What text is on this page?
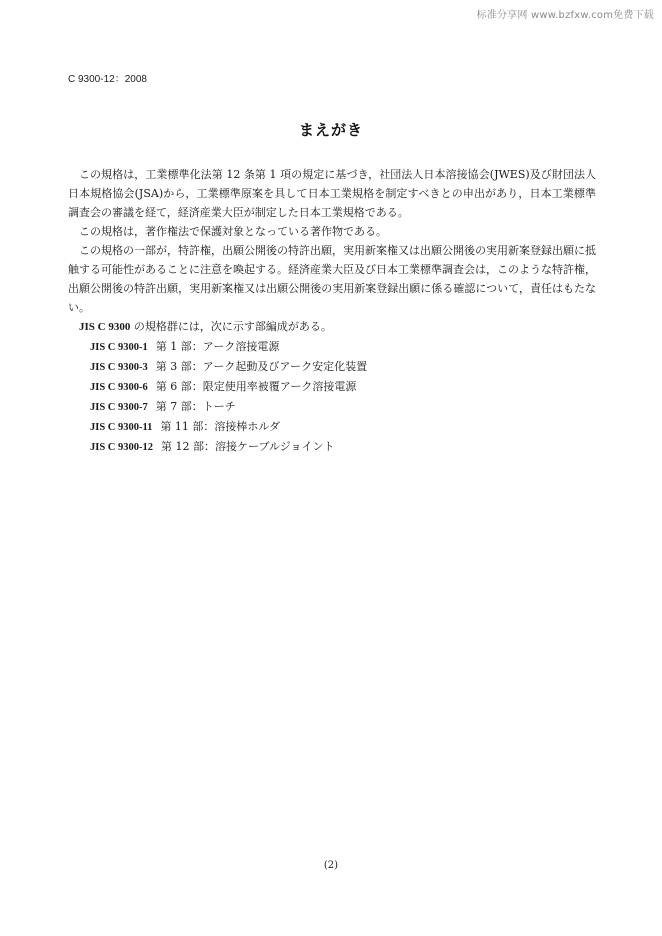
标准分享网 www.bzfxw.com免费下载
C 9300-12：2008
まえがき

この規格は，工業標準化法第 12 条第 1 項の規定に基づき，社団法人日本溶接協会(JWES)及び財団法人日本規格協会(JSA)から，工業標準原案を具して日本工業規格を制定すべきとの申出があり，日本工業標準調査会の審議を経て，経済産業大臣が制定した日本工業規格である。

この規格は，著作権法で保護対象となっている著作物である。

この規格の一部が，特許権，出願公開後の特許出願，実用新案権又は出願公開後の実用新案登録出願に抵触する可能性があることに注意を喚起する。経済産業大臣及び日本工業標準調査会は，このような特許権，出願公開後の特許出願，実用新案権又は出願公開後の実用新案登録出願に係る確認について，責任はもたない。

JIS C 9300 の規格群には，次に示す部編成がある。
JIS C 9300-1 第 1 部：アーク溶接電源
JIS C 9300-3 第 3 部：アーク起動及びアーク安定化装置
JIS C 9300-6 第 6 部：限定使用率被覆アーク溶接電源
JIS C 9300-7 第 7 部：トーチ
JIS C 9300-11 第 11 部：溶接棒ホルダ
JIS C 9300-12 第 12 部：溶接ケーブルジョイント
(2)
